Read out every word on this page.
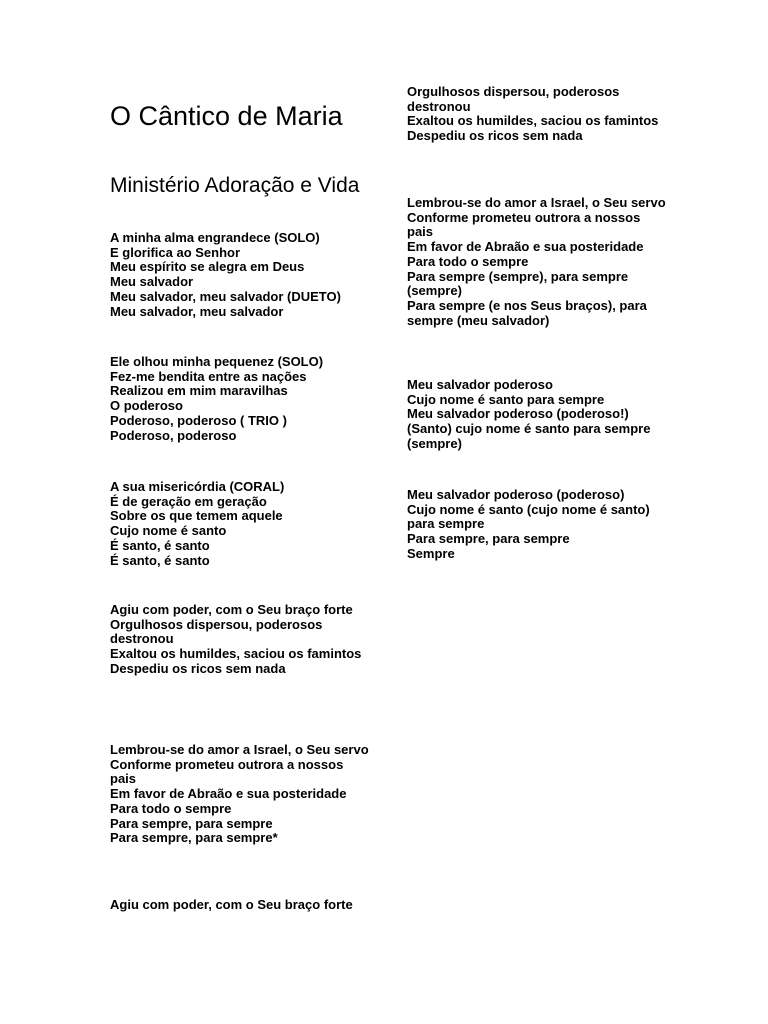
O Cântico de Maria
Ministério Adoração e Vida
A minha alma engrandece (SOLO)
E glorifica ao Senhor
Meu espírito se alegra em Deus
Meu salvador
Meu salvador, meu salvador (DUETO)
Meu salvador, meu salvador
Ele olhou minha pequenez (SOLO)
Fez-me bendita entre as nações
Realizou em mim maravilhas
O poderoso
Poderoso, poderoso ( TRIO )
Poderoso, poderoso
A sua misericórdia (CORAL)
É de geração em geração
Sobre os que temem aquele
Cujo nome é santo
É santo, é santo
É santo, é santo
Agiu com poder, com o Seu braço forte
Orgulhosos dispersou, poderosos destronou
Exaltou os humildes, saciou os famintos
Despediu os ricos sem nada
Lembrou-se do amor a Israel, o Seu servo
Conforme prometeu outrora a nossos pais
Em favor de Abraão e sua posteridade
Para todo o sempre
Para sempre, para sempre
Para sempre, para sempre*
Agiu com poder, com o Seu braço forte
Orgulhosos dispersou, poderosos destronou
Exaltou os humildes, saciou os famintos
Despediu os ricos sem nada
Lembrou-se do amor a Israel, o Seu servo
Conforme prometeu outrora a nossos pais
Em favor de Abraão e sua posteridade
Para todo o sempre
Para sempre (sempre), para sempre (sempre)
Para sempre (e nos Seus braços), para sempre (meu salvador)
Meu salvador poderoso
Cujo nome é santo para sempre
Meu salvador poderoso (poderoso!)
(Santo) cujo nome é santo para sempre (sempre)
Meu salvador poderoso (poderoso)
Cujo nome é santo (cujo nome é santo) para sempre
Para sempre, para sempre
Sempre
